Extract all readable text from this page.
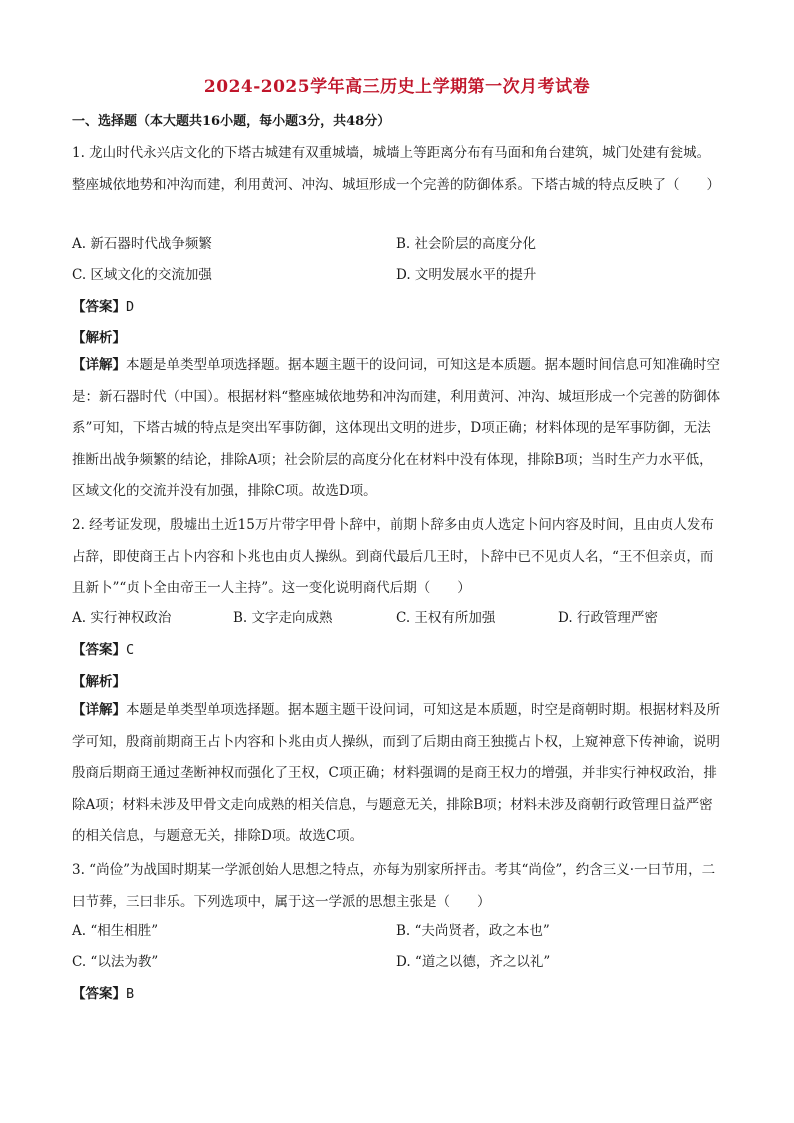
2024-2025学年高三历史上学期第一次月考试卷
一、选择题（本大题共16小题，每小题3分，共48分）
1. 龙山时代永兴店文化的下塔古城建有双重城墙，城墙上等距离分布有马面和角台建筑，城门处建有瓮城。整座城依地势和冲沟而建，利用黄河、冲沟、城垣形成一个完善的防御体系。下塔古城的特点反映了（　　）
A. 新石器时代战争频繁	B. 社会阶层的高度分化
C. 区域文化的交流加强	D. 文明发展水平的提升
【答案】D
【解析】
【详解】本题是单类型单项选择题。据本题主题干的设问词，可知这是本质题。据本题时间信息可知准确时空是：新石器时代（中国）。根据材料“整座城依地势和冲沟而建，利用黄河、冲沟、城垣形成一个完善的防御体系”可知，下塔古城的特点是突出军事防御，这体现出文明的进步，D项正确；材料体现的是军事防御，无法推断出战争频繁的结论，排除A项；社会阶层的高度分化在材料中没有体现，排除B项；当时生产力水平低，区域文化的交流并没有加强，排除C项。故选D项。
2. 经考证发现，殷墟出土近15万片带字甲骨卜辞中，前期卜辞多由贞人选定卜问内容及时间，且由贞人发布占辞，即使商王占卜内容和卜兆也由贞人操纵。到商代最后几王时，卜辞中已不见贞人名，“王不但亲贞，而且新卜”“贞卜全由帝王一人主持”。这一变化说明商代后期（　　）
A. 实行神权政治	B. 文字走向成熟	C. 王权有所加强	D. 行政管理严密
【答案】C
【解析】
【详解】本题是单类型单项选择题。据本题主题干设问词，可知这是本质题，时空是商朝时期。根据材料及所学可知，殷商前期商王占卜内容和卜兆由贞人操纵，而到了后期由商王独揽占卜权，上窥神意下传神谕，说明殷商后期商王通过垄断神权而强化了王权，C项正确；材料强调的是商王权力的增强，并非实行神权政治，排除A项；材料未涉及甲骨文走向成熟的相关信息，与题意无关，排除B项；材料未涉及商朝行政管理日益严密的相关信息，与题意无关，排除D项。故选C项。
3. “尚俭”为战国时期某一学派创始人思想之特点，亦每为别家所抨击。考其“尚俭”，约含三义·一曰节用，二曰节葬，三曰非乐。下列选项中，属于这一学派的思想主张是（　　）
A. “相生相胜”	B. “夫尚贤者，政之本也”
C. “以法为教”	D. “道之以德，齐之以礼”
【答案】B
